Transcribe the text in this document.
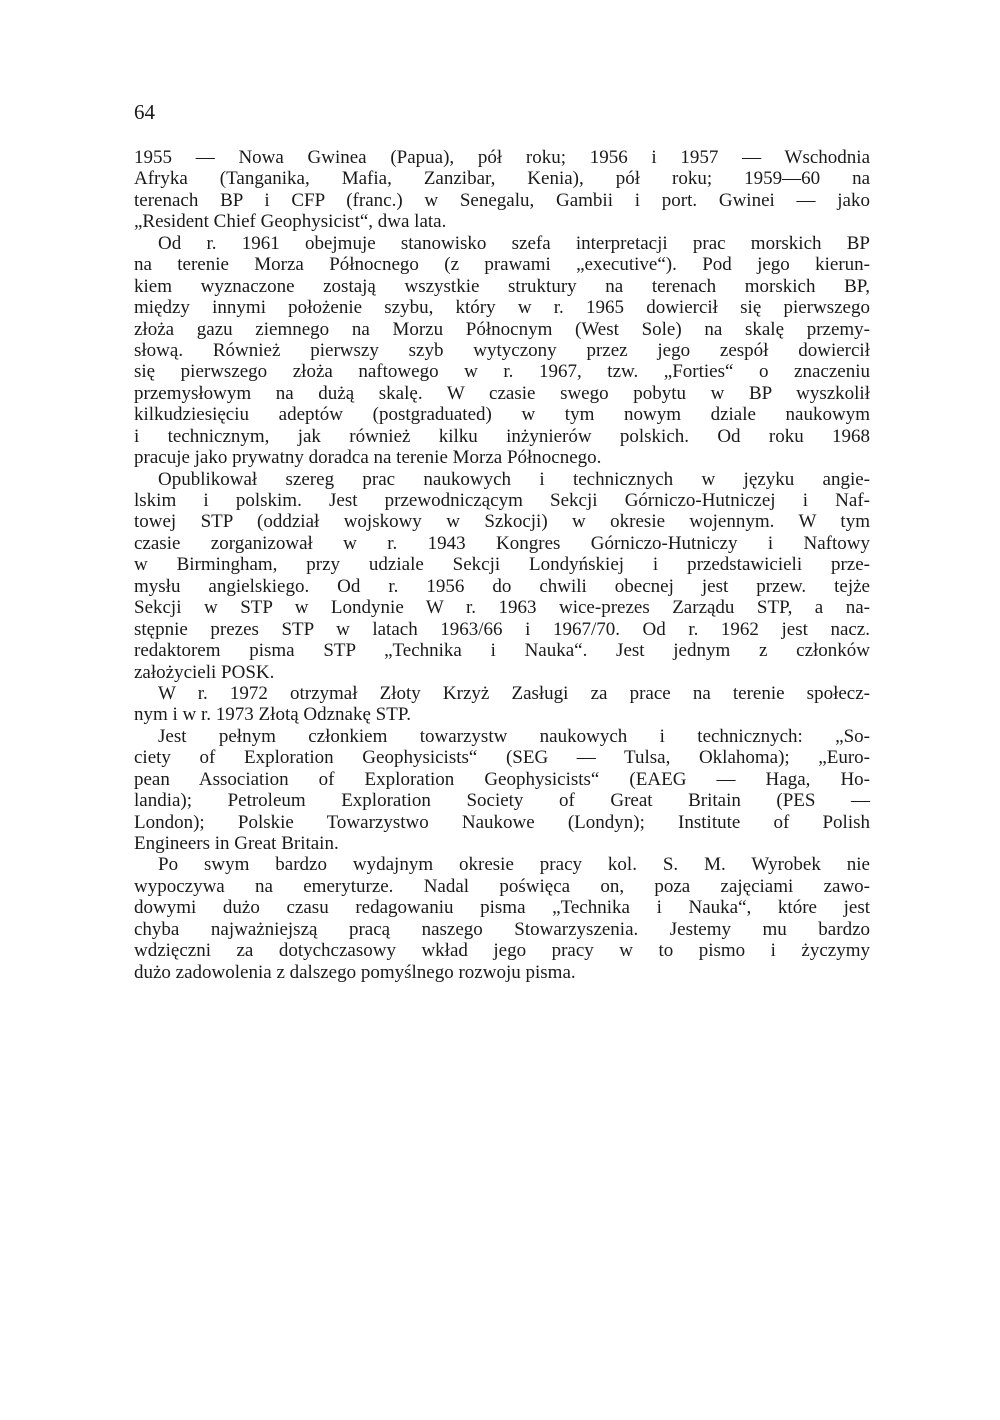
64

1955 — Nowa Gwinea (Papua), pół roku; 1956 i 1957 — Wschodnia
Afryka (Tanganika, Mafia, Zanzibar, Kenia), pół roku; 1959—60 na
terenach BP i CFP (franc.) w Senegalu, Gambii i port. Gwinei — jako
„Resident Chief Geophysicist“, dwa lata.

Od r. 1961 obejmuje stanowisko szefa interpretacji prac morskich BP
na terenie Morza Północnego (z prawami „executive“). Pod jego kierun-
kiem wyznaczone zostają wszystkie struktury na terenach morskich BP,
między innymi położenie szybu, który w r. 1965 dowiercił się pierwszego
złoża gazu ziemnego na Morzu Północnym (West Sole) na skalę przemy-
słową. Również pierwszy szyb wytyczony przez jego zespół dowiercił
się pierwszego złoża naftowego w r. 1967, tzw. „Forties“ o znaczeniu
przemysłowym na dużą skalę. W czasie swego pobytu w BP wyszkolił
kilkudziesięciu adeptów (postgraduated) w tym nowym dziale naukowym
i technicznym, jak również kilku inżynierów polskich. Od roku 1968
pracuje jako prywatny doradca na terenie Morza Północnego.

Opublikował szereg prac naukowych i technicznych w języku angie-
lskim i polskim. Jest przewodniczącym Sekcji Górniczo-Hutniczej i Naf-
towej STP (oddział wojskowy w Szkocji) w okresie wojennym. W tym
czasie zorganizował w r. 1943 Kongres Górniczo-Hutniczy i Naftowy
w Birmingham, przy udziale Sekcji Londyńskiej i przedstawicieli prze-
mysłu angielskiego. Od r. 1956 do chwili obecnej jest przew. tejże
Sekcji w STP w Londynie W r. 1963 wice-prezes Zarządu STP, a na-
stępnie prezes STP w latach 1963/66 i 1967/70. Od r. 1962 jest nacz.
redaktorem pisma STP „Technika i Nauka“. Jest jednym z członków
założycieli POSK.

W r. 1972 otrzymał Złoty Krzyż Zasługi za prace na terenie społecz-
nym i w r. 1973 Złotą Odznakę STP.

Jest pełnym członkiem towarzystw naukowych i technicznych: „So-
ciety of Exploration Geophysicists“ (SEG — Tulsa, Oklahoma); „Euro-
pean Association of Exploration Geophysicists“ (EAEG — Haga, Ho-
landia); Petroleum Exploration Society of Great Britain (PES —
London); Polskie Towarzystwo Naukowe (Londyn); Institute of Polish
Engineers in Great Britain.

Po swym bardzo wydajnym okresie pracy kol. S. M. Wyrobek nie
wypoczywa na emeryturze. Nadal poświęca on, poza zajęciami zawo-
dowymi dużo czasu redagowaniu pisma „Technika i Nauka“, które jest
chyba najważniejszą pracą naszego Stowarzyszenia. Jestemy mu bardzo
wdzięczni za dotychczasowy wkład jego pracy w to pismo i życzymy
dużo zadowolenia z dalszego pomyślnego rozwoju pisma.
